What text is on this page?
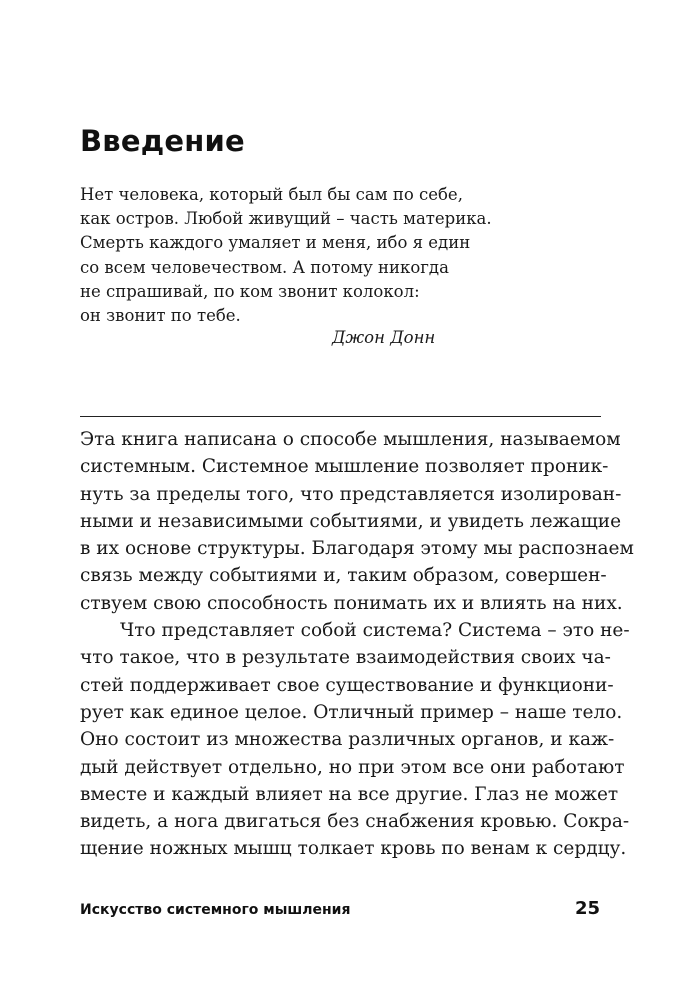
Введение
Нет человека, который был бы сам по себе,
как остров. Любой живущий – часть материка.
Смерть каждого умаляет и меня, ибо я един
со всем человечеством. А потому никогда
не спрашивай, по ком звонит колокол:
он звонит по тебе.
Джон Донн
Эта книга написана о способе мышления, называемом
системным. Системное мышление позволяет проник-
нуть за пределы того, что представляется изолирован-
ными и независимыми событиями, и увидеть лежащие
в их основе структуры. Благодаря этому мы распознаем
связь между событиями и, таким образом, совершен-
ствуем свою способность понимать их и влиять на них.
Что представляет собой система? Система – это не-
что такое, что в результате взаимодействия своих ча-
стей поддерживает свое существование и функциони-
рует как единое целое. Отличный пример – наше тело.
Оно состоит из множества различных органов, и каж-
дый действует отдельно, но при этом все они работают
вместе и каждый влияет на все другие. Глаз не может
видеть, а нога двигаться без снабжения кровью. Сокра-
щение ножных мышц толкает кровь по венам к сердцу.
Искусство системного мышления	25
